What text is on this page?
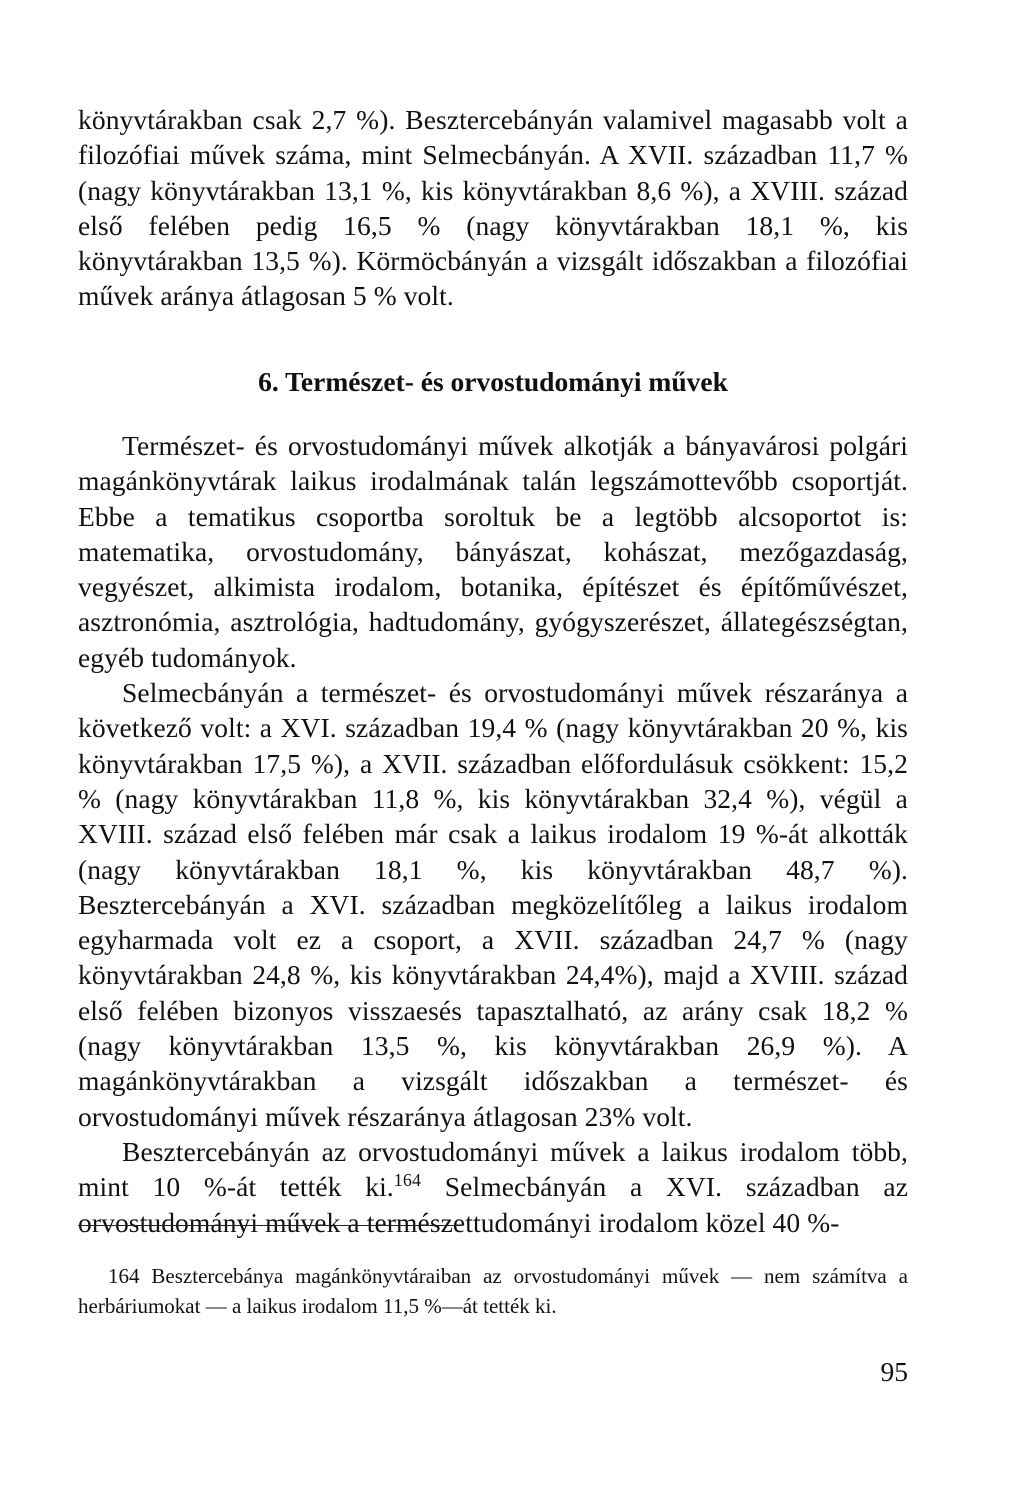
könyvtárakban csak 2,7 %). Besztercebányán valamivel magasabb volt a filozófiai művek száma, mint Selmecbányán. A XVII. században 11,7 % (nagy könyvtárakban 13,1 %, kis könyvtárakban 8,6 %), a XVIII. század első felében pedig 16,5 % (nagy könyvtárakban 18,1 %, kis könyvtárakban 13,5 %). Körmöcbányán a vizsgált időszakban a filozófiai művek aránya átlagosan 5 % volt.

6. Természet- és orvostudományi művek

Természet- és orvostudományi művek alkotják a bányavárosi polgári magánkönyvtárak laikus irodalmának talán legszámottevőbb csoportját. Ebbe a tematikus csoportba soroltuk be a legtöbb alcsoportot is: matematika, orvostudomány, bányászat, kohászat, mezőgazdaság, vegyészet, alkimista irodalom, botanika, építészet és építőművészet, asztronómia, asztrológia, hadtudomány, gyógyszerészet, állategészségtan, egyéb tudományok.

Selmecbányán a természet- és orvostudományi művek részaránya a következő volt: a XVI. században 19,4 % (nagy könyvtárakban 20 %, kis könyvtárakban 17,5 %), a XVII. században előfordulásuk csökkent: 15,2 % (nagy könyvtárakban 11,8 %, kis könyvtárakban 32,4 %), végül a XVIII. század első felében már csak a laikus irodalom 19 %-át alkották (nagy könyvtárakban 18,1 %, kis könyvtárakban 48,7 %). Besztercebányán a XVI. században megközelítőleg a laikus irodalom egyharmada volt ez a csoport, a XVII. században 24,7 % (nagy könyvtárakban 24,8 %, kis könyvtárakban 24,4%), majd a XVIII. század első felében bizonyos visszaesés tapasztalható, az arány csak 18,2 % (nagy könyvtárakban 13,5 %, kis könyvtárakban 26,9 %). A magánkönyvtárakban a vizsgált időszakban a természet- és orvostudományi művek részaránya átlagosan 23% volt.

Besztercebányán az orvostudományi művek a laikus irodalom több, mint 10 %-át tették ki.$^{164}$ Selmecbányán a XVI. században az orvostudományi művek a természettudományi irodalom közel 40 %-

164 Besztercebánya magánkönyvtáraiban az orvostudományi művek — nem számítva a herbáriumokat — a laikus irodalom 11,5 %—át tették ki.

95
